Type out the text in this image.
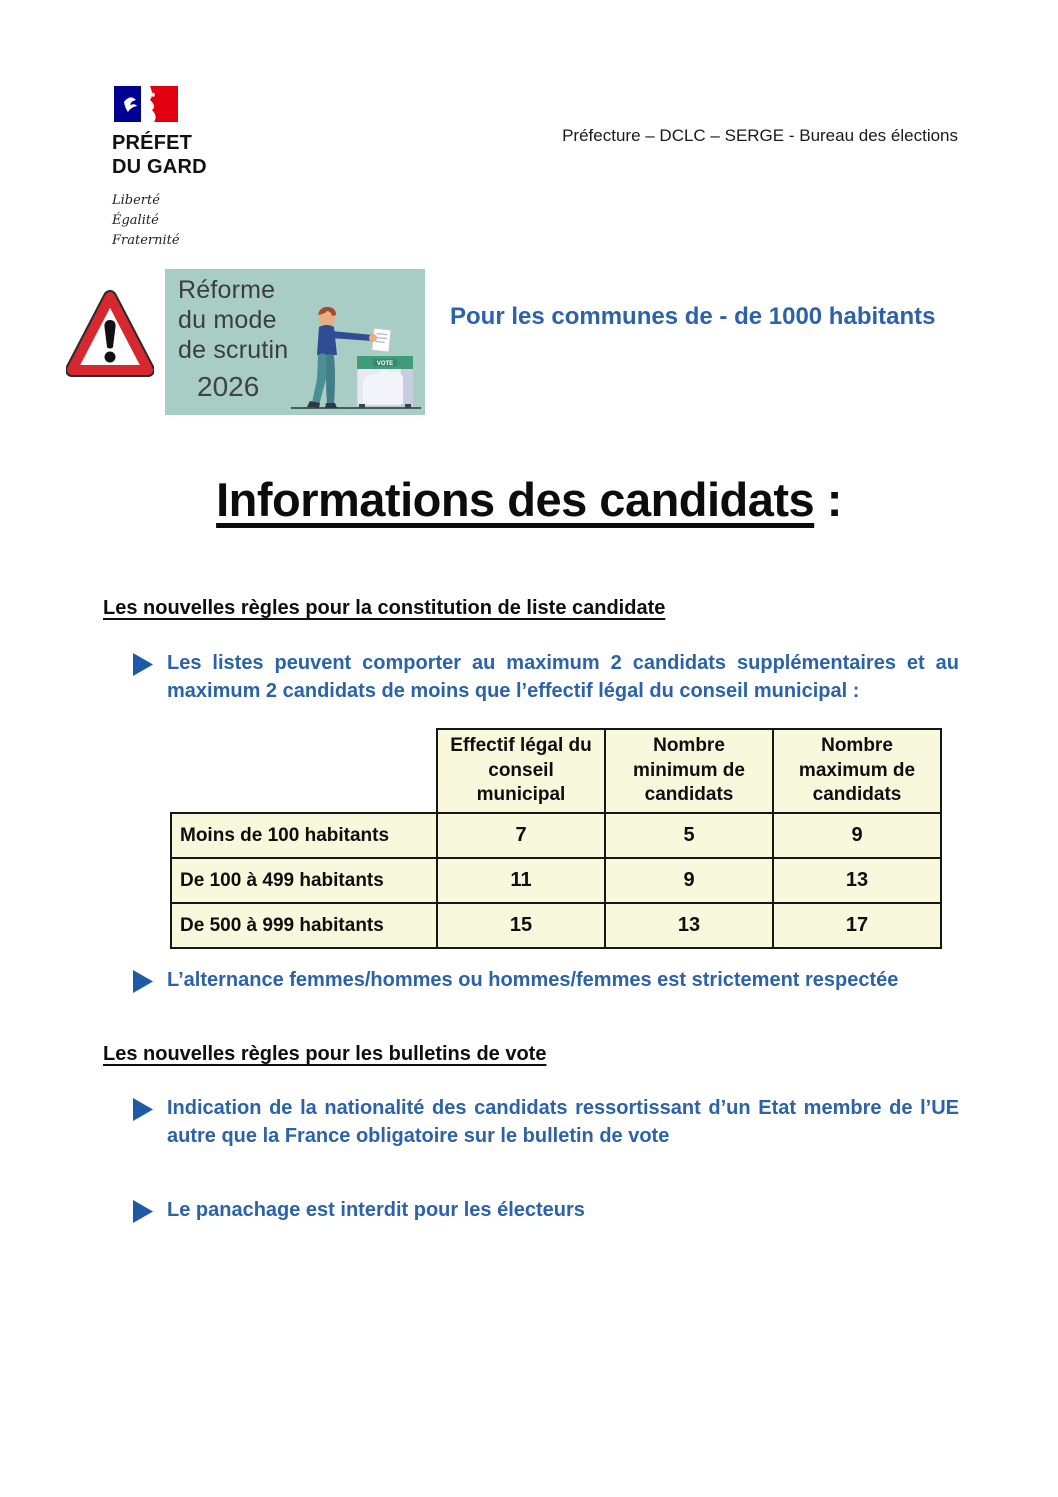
PRÉFET
DU GARD
Liberté
Égalité
Fraternité
Préfecture – DCLC – SERGE - Bureau des élections
Réforme
du mode
de scrutin
2026
VOTE
Pour les communes de - de 1000 habitants
Informations des candidats :
Les nouvelles règles pour la constitution de liste candidate
Les listes peuvent comporter au maximum 2 candidats supplémentaires et au maximum 2 candidats de moins que l’effectif légal du conseil municipal :
	Effectif légal du conseil municipal	Nombre minimum de candidats	Nombre maximum de candidats
Moins de 100 habitants	7	5	9
De 100 à 499 habitants	11	9	13
De 500 à 999 habitants	15	13	17
L’alternance femmes/hommes ou hommes/femmes est strictement respectée
Les nouvelles règles pour les bulletins de vote
Indication de la nationalité des candidats ressortissant d’un Etat membre de l’UE autre que la France obligatoire sur le bulletin de vote
Le panachage est interdit pour les électeurs
